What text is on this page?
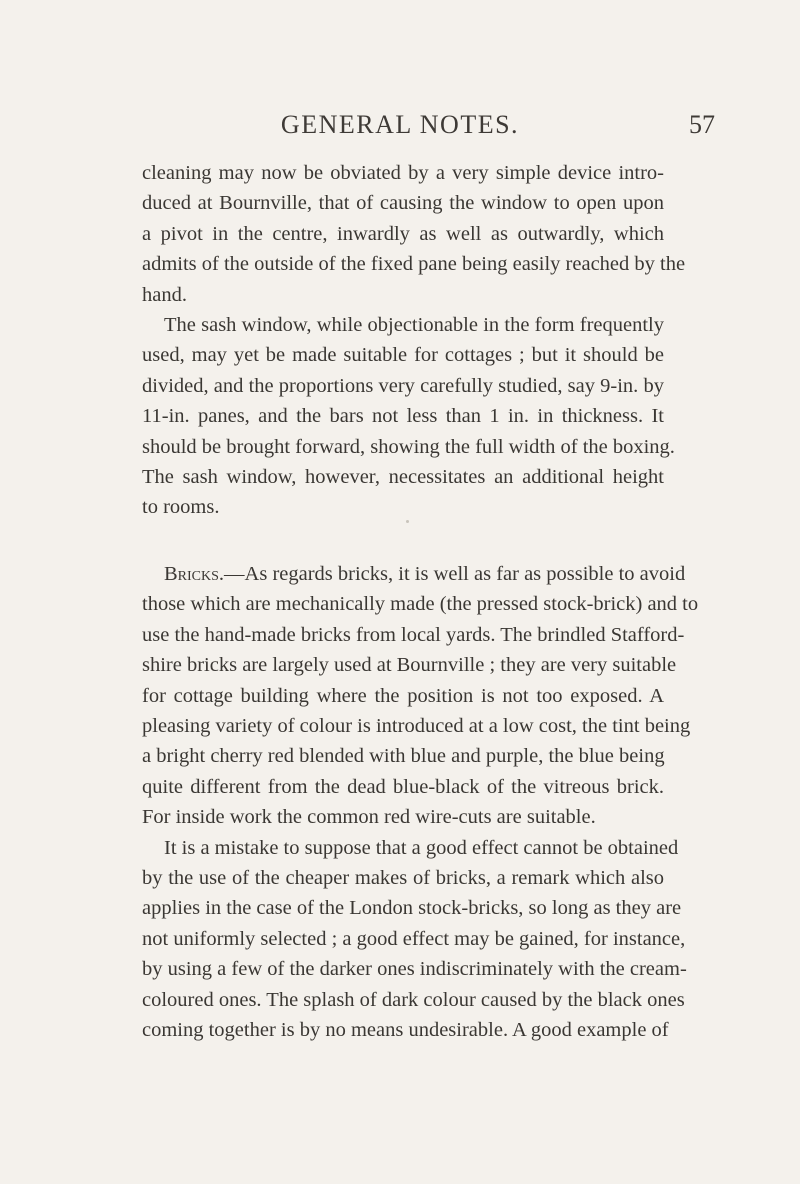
GENERAL NOTES.	57
cleaning may now be obviated by a very simple device intro-
duced at Bournville, that of causing the window to open upon
a pivot in the centre, inwardly as well as outwardly, which
admits of the outside of the fixed pane being easily reached by the
hand.
The sash window, while objectionable in the form frequently
used, may yet be made suitable for cottages ; but it should be
divided, and the proportions very carefully studied, say 9-in. by
11-in. panes, and the bars not less than 1 in. in thickness. It
should be brought forward, showing the full width of the boxing.
The sash window, however, necessitates an additional height
to rooms.
Bricks.—As regards bricks, it is well as far as possible to avoid
those which are mechanically made (the pressed stock-brick) and to
use the hand-made bricks from local yards. The brindled Stafford-
shire bricks are largely used at Bournville ; they are very suitable
for cottage building where the position is not too exposed. A
pleasing variety of colour is introduced at a low cost, the tint being
a bright cherry red blended with blue and purple, the blue being
quite different from the dead blue-black of the vitreous brick.
For inside work the common red wire-cuts are suitable.
It is a mistake to suppose that a good effect cannot be obtained
by the use of the cheaper makes of bricks, a remark which also
applies in the case of the London stock-bricks, so long as they are
not uniformly selected ; a good effect may be gained, for instance,
by using a few of the darker ones indiscriminately with the cream-
coloured ones. The splash of dark colour caused by the black ones
coming together is by no means undesirable. A good example of
